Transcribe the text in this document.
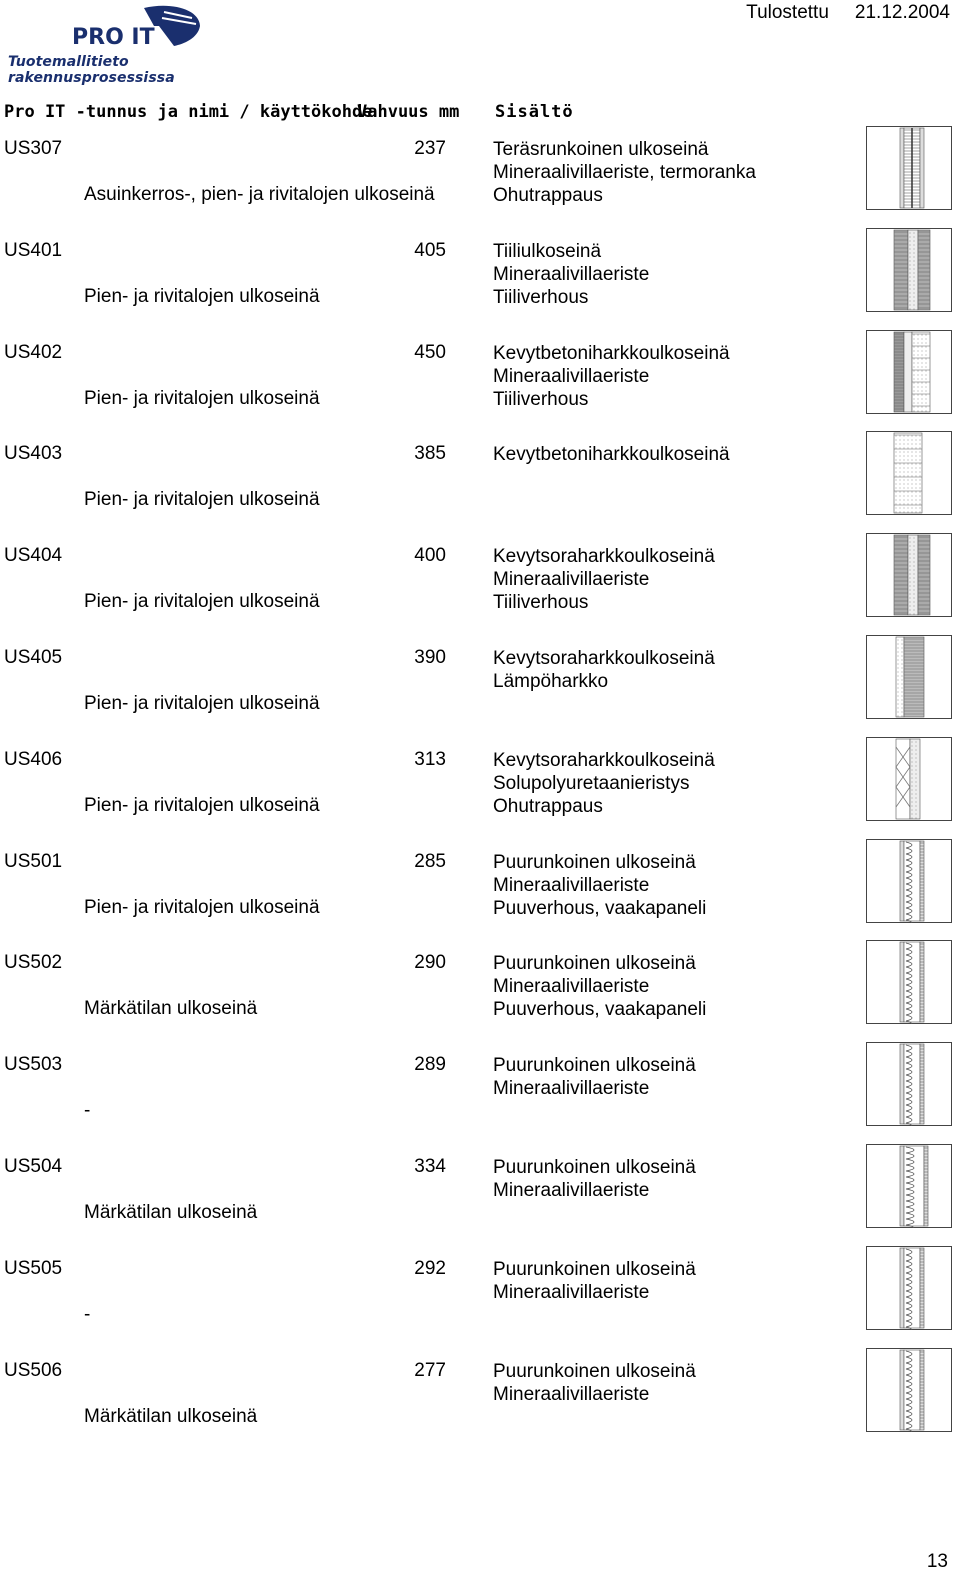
PRO IT
Tuotemallitieto rakennusprosessissa
Tulostettu 21.12.2004
Pro IT -tunnus ja nimi / käyttökohde
Vahvuus mm Sisältö
US307	237
Asuinkerros-, pien- ja rivitalojen ulkoseinä
Teräsrunkoinen ulkoseinä
Mineraalivillaeriste, termoranka
Ohutrappaus
US401	405
Pien- ja rivitalojen ulkoseinä
Tiiliulkoseinä
Mineraalivillaeriste
Tiiliverhous
US402	450
Pien- ja rivitalojen ulkoseinä
Kevytbetoniharkkoulkoseinä
Mineraalivillaeriste
Tiiliverhous
US403	385
Pien- ja rivitalojen ulkoseinä
Kevytbetoniharkkoulkoseinä
US404	400
Pien- ja rivitalojen ulkoseinä
Kevytsoraharkkoulkoseinä
Mineraalivillaeriste
Tiiliverhous
US405	390
Pien- ja rivitalojen ulkoseinä
Kevytsoraharkkoulkoseinä
Lämpöharkko
US406	313
Pien- ja rivitalojen ulkoseinä
Kevytsoraharkkoulkoseinä
Solupolyuretaanieristys
Ohutrappaus
US501	285
Pien- ja rivitalojen ulkoseinä
Puurunkoinen ulkoseinä
Mineraalivillaeriste
Puuverhous, vaakapaneli
US502	290
Märkätilan ulkoseinä
Puurunkoinen ulkoseinä
Mineraalivillaeriste
Puuverhous, vaakapaneli
US503	289
-
Puurunkoinen ulkoseinä
Mineraalivillaeriste
US504	334
Märkätilan ulkoseinä
Puurunkoinen ulkoseinä
Mineraalivillaeriste
US505	292
-
Puurunkoinen ulkoseinä
Mineraalivillaeriste
US506	277
Märkätilan ulkoseinä
Puurunkoinen ulkoseinä
Mineraalivillaeriste
13
